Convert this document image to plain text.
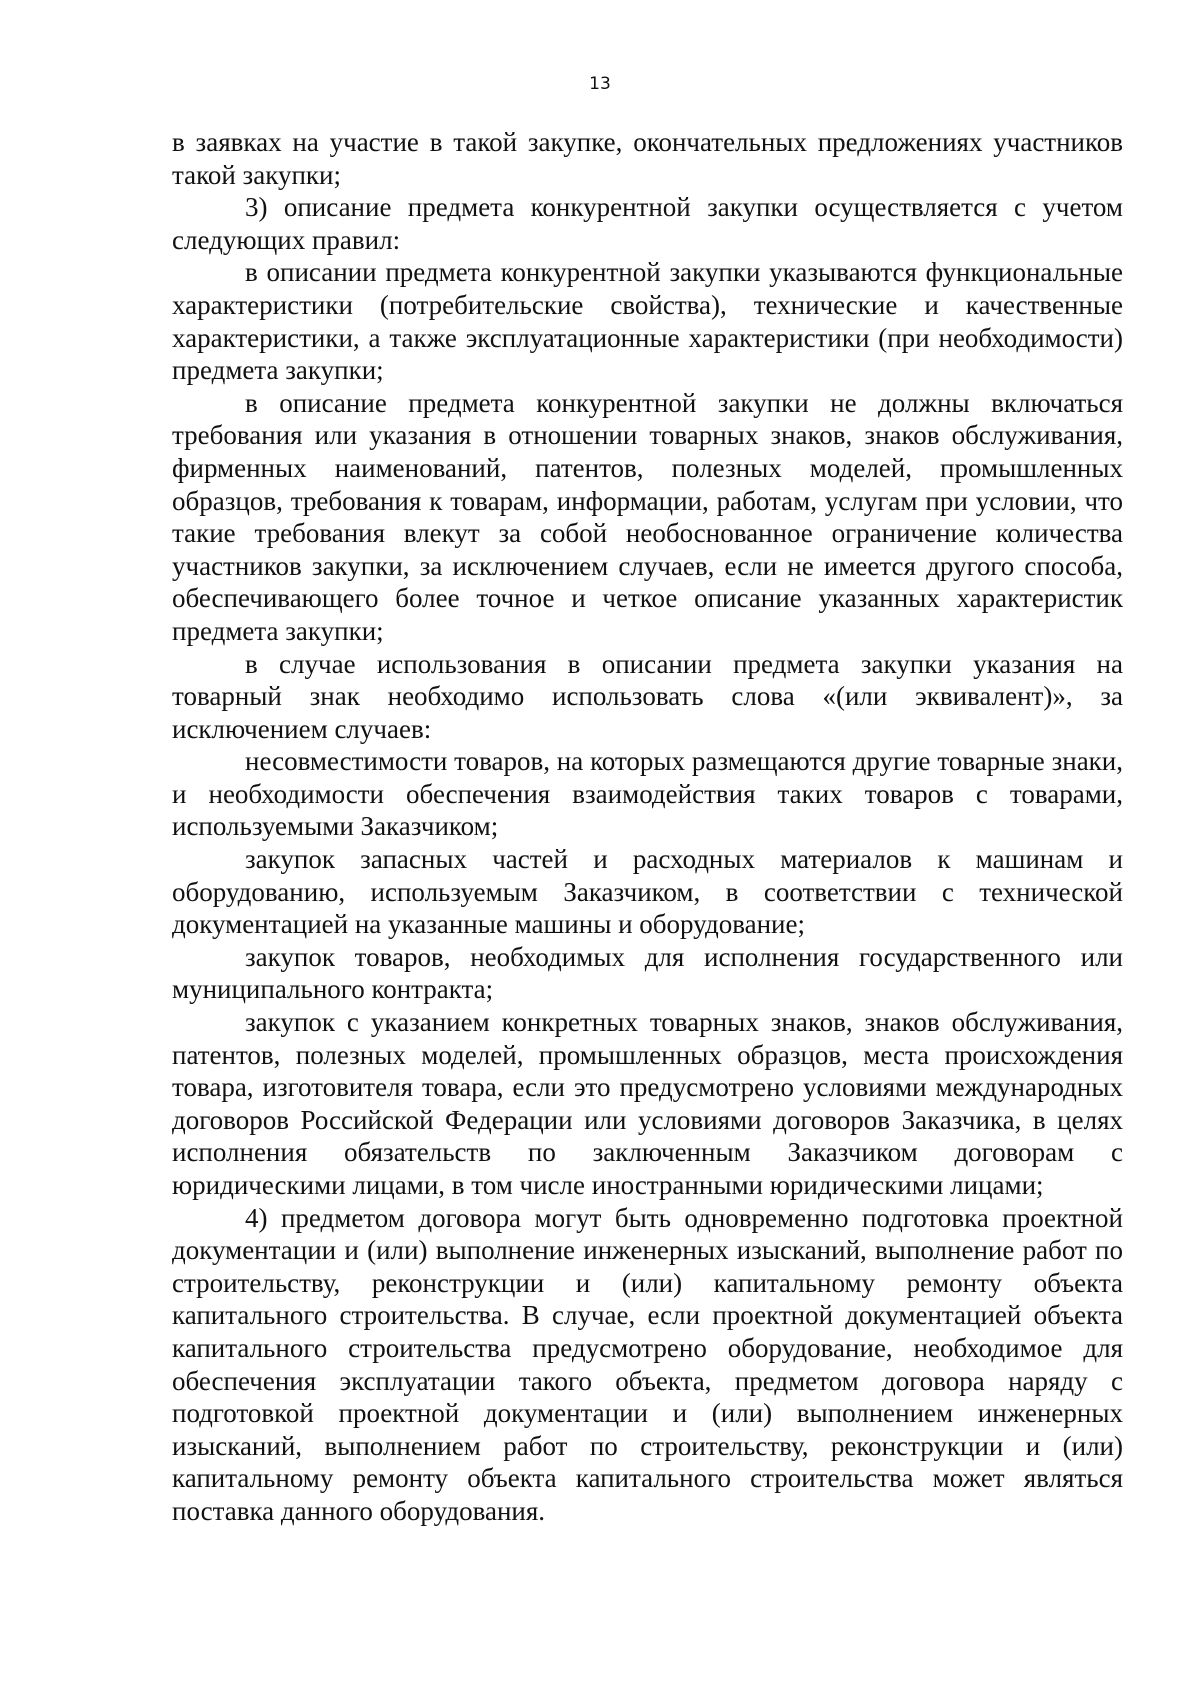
13

в заявках на участие в такой закупке, окончательных предложениях участников такой закупки;

3) описание предмета конкурентной закупки осуществляется с учетом следующих правил:

в описании предмета конкурентной закупки указываются функциональные характеристики (потребительские свойства), технические и качественные характеристики, а также эксплуатационные характеристики (при необходимости) предмета закупки;

в описание предмета конкурентной закупки не должны включаться требования или указания в отношении товарных знаков, знаков обслуживания, фирменных наименований, патентов, полезных моделей, промышленных образцов, требования к товарам, информации, работам, услугам при условии, что такие требования влекут за собой необоснованное ограничение количества участников закупки, за исключением случаев, если не имеется другого способа, обеспечивающего более точное и четкое описание указанных характеристик предмета закупки;

в случае использования в описании предмета закупки указания на товарный знак необходимо использовать слова «(или эквивалент)», за исключением случаев:

несовместимости товаров, на которых размещаются другие товарные знаки, и необходимости обеспечения взаимодействия таких товаров с товарами, используемыми Заказчиком;

закупок запасных частей и расходных материалов к машинам и оборудованию, используемым Заказчиком, в соответствии с технической документацией на указанные машины и оборудование;

закупок товаров, необходимых для исполнения государственного или муниципального контракта;

закупок с указанием конкретных товарных знаков, знаков обслуживания, патентов, полезных моделей, промышленных образцов, места происхождения товара, изготовителя товара, если это предусмотрено условиями международных договоров Российской Федерации или условиями договоров Заказчика, в целях исполнения обязательств по заключенным Заказчиком договорам с юридическими лицами, в том числе иностранными юридическими лицами;

4) предметом договора могут быть одновременно подготовка проектной документации и (или) выполнение инженерных изысканий, выполнение работ по строительству, реконструкции и (или) капитальному ремонту объекта капитального строительства. В случае, если проектной документацией объекта капитального строительства предусмотрено оборудование, необходимое для обеспечения эксплуатации такого объекта, предметом договора наряду с подготовкой проектной документации и (или) выполнением инженерных изысканий, выполнением работ по строительству, реконструкции и (или) капитальному ремонту объекта капитального строительства может являться поставка данного оборудования.
